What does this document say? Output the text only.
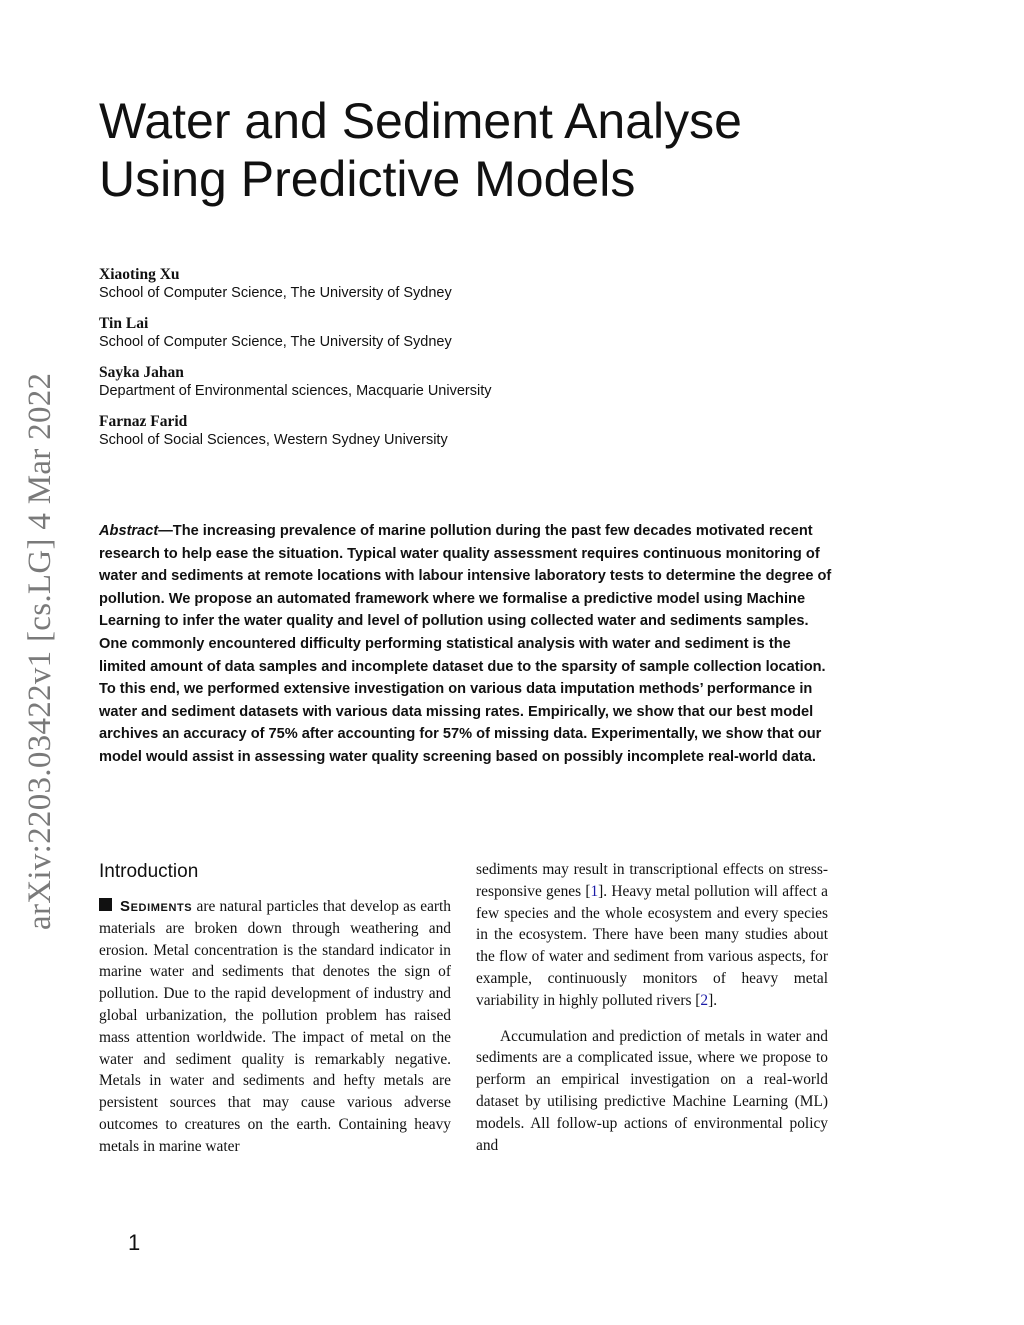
arXiv:2203.03422v1 [cs.LG] 4 Mar 2022
Water and Sediment Analyse
Using Predictive Models
Xiaoting Xu
School of Computer Science, The University of Sydney
Tin Lai
School of Computer Science, The University of Sydney
Sayka Jahan
Department of Environmental sciences, Macquarie University
Farnaz Farid
School of Social Sciences, Western Sydney University

Abstract—The increasing prevalence of marine pollution during the past few decades motivated recent research to help ease the situation. Typical water quality assessment requires continuous monitoring of water and sediments at remote locations with labour intensive laboratory tests to determine the degree of pollution. We propose an automated framework where we formalise a predictive model using Machine Learning to infer the water quality and level of pollution using collected water and sediments samples. One commonly encountered difficulty performing statistical analysis with water and sediment is the limited amount of data samples and incomplete dataset due to the sparsity of sample collection location. To this end, we performed extensive investigation on various data imputation methods’ performance in water and sediment datasets with various data missing rates. Empirically, we show that our best model archives an accuracy of 75% after accounting for 57% of missing data. Experimentally, we show that our model would assist in assessing water quality screening based on possibly incomplete real-world data.

Introduction

Sediments are natural particles that develop as earth materials are broken down through weathering and erosion. Metal concentration is the standard indicator in marine water and sediments that denotes the sign of pollution. Due to the rapid development of industry and global urbanization, the pollution problem has raised mass attention worldwide. The impact of metal on the water and sediment quality is remarkably negative. Metals in water and sediments and hefty metals are persistent sources that may cause various adverse outcomes to creatures on the earth. Containing heavy metals in marine water

sediments may result in transcriptional effects on stress-responsive genes [1]. Heavy metal pollution will affect a few species and the whole ecosystem and every species in the ecosystem. There have been many studies about the flow of water and sediment from various aspects, for example, continuously monitors of heavy metal variability in highly polluted rivers [2].

Accumulation and prediction of metals in water and sediments are a complicated issue, where we propose to perform an empirical investigation on a real-world dataset by utilising predictive Machine Learning (ML) models. All follow-up actions of environmental policy and

1
